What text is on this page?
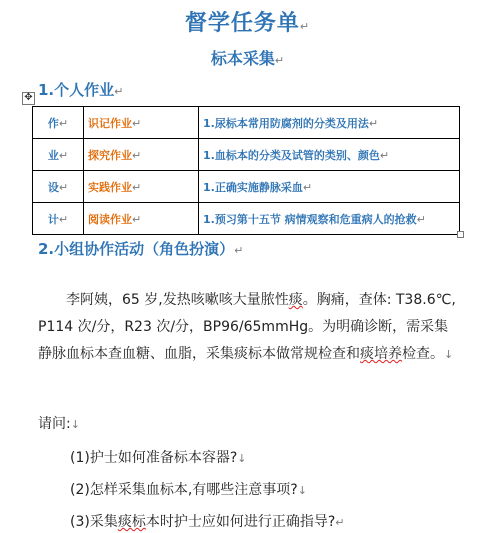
督学任务单↵
标本采集↵
1.个人作业↵
✥
作↵	识记作业↵	1.尿标本常用防腐剂的分类及用法↵
业↵	探究作业↵	1.血标本的分类及试管的类别、颜色↵
设↵	实践作业↵	1.正确实施静脉采血↵
计↵	阅读作业↵	1.预习第十五节 病情观察和危重病人的抢救↵
2.小组协作活动（角色扮演）↵
李阿姨，65 岁,发热咳嗽咳大量脓性痰。胸痛，查体: T38.6℃, P114 次/分，R23 次/分，BP96/65mmHg。为明确诊断，需采集静脉血标本查血糖、血脂，采集痰标本做常规检查和痰培养检查。↓
请问:↓
(1)护士如何准备标本容器?↓
(2)怎样采集血标本,有哪些注意事项?↓
(3)采集痰标本时护士应如何进行正确指导?↵
